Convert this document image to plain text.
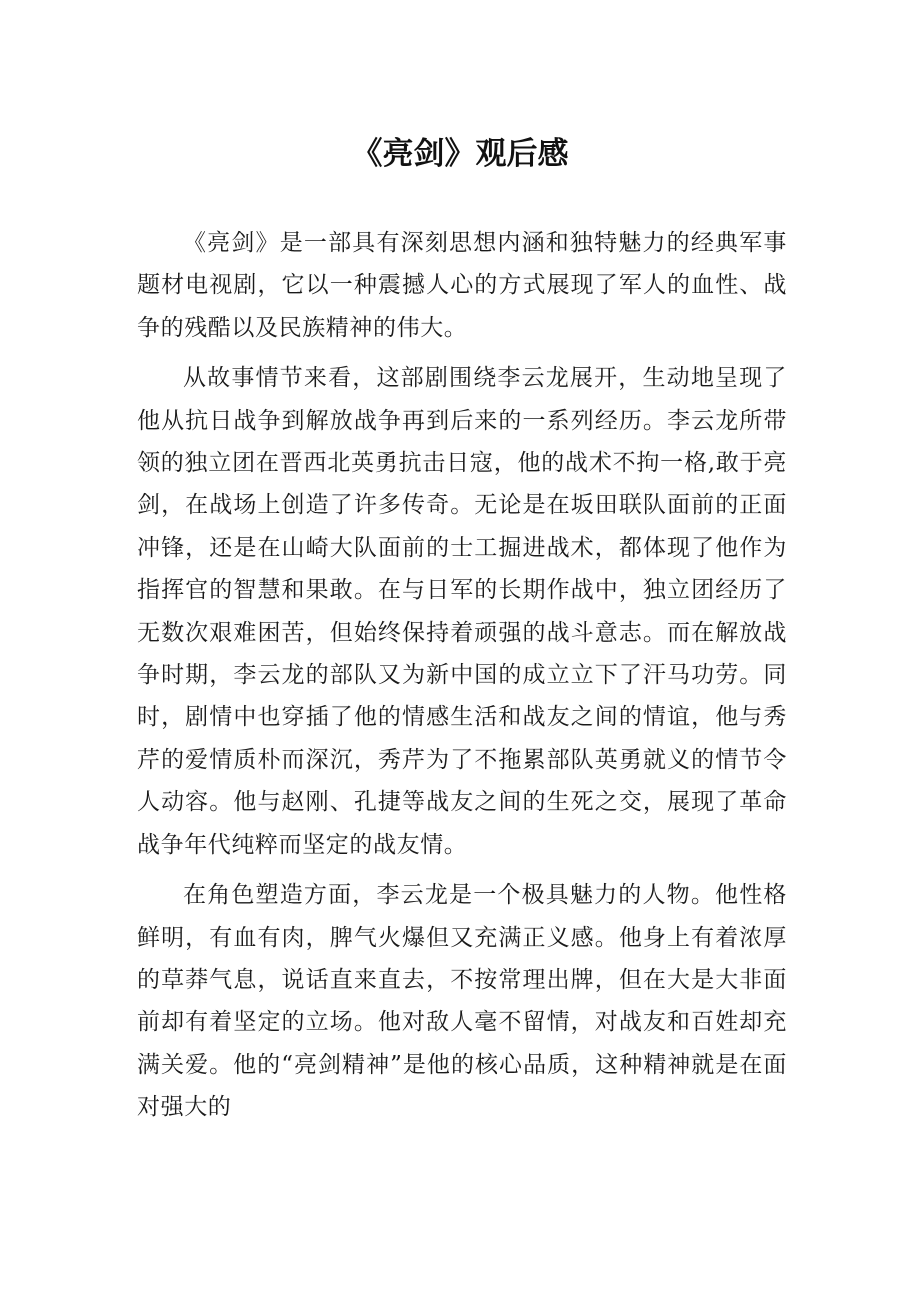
《亮剑》观后感

《亮剑》是一部具有深刻思想内涵和独特魅力的经典军事题材电视剧，它以一种震撼人心的方式展现了军人的血性、战争的残酷以及民族精神的伟大。

从故事情节来看，这部剧围绕李云龙展开，生动地呈现了他从抗日战争到解放战争再到后来的一系列经历。李云龙所带领的独立团在晋西北英勇抗击日寇，他的战术不拘一格,敢于亮剑，在战场上创造了许多传奇。无论是在坂田联队面前的正面冲锋，还是在山崎大队面前的士工掘进战术，都体现了他作为指挥官的智慧和果敢。在与日军的长期作战中，独立团经历了无数次艰难困苦，但始终保持着顽强的战斗意志。而在解放战争时期，李云龙的部队又为新中国的成立立下了汗马功劳。同时，剧情中也穿插了他的情感生活和战友之间的情谊，他与秀芹的爱情质朴而深沉，秀芹为了不拖累部队英勇就义的情节令人动容。他与赵刚、孔捷等战友之间的生死之交，展现了革命战争年代纯粹而坚定的战友情。

在角色塑造方面，李云龙是一个极具魅力的人物。他性格鲜明，有血有肉，脾气火爆但又充满正义感。他身上有着浓厚的草莽气息，说话直来直去，不按常理出牌，但在大是大非面前却有着坚定的立场。他对敌人毫不留情，对战友和百姓却充满关爱。他的“亮剑精神”是他的核心品质，这种精神就是在面对强大的
